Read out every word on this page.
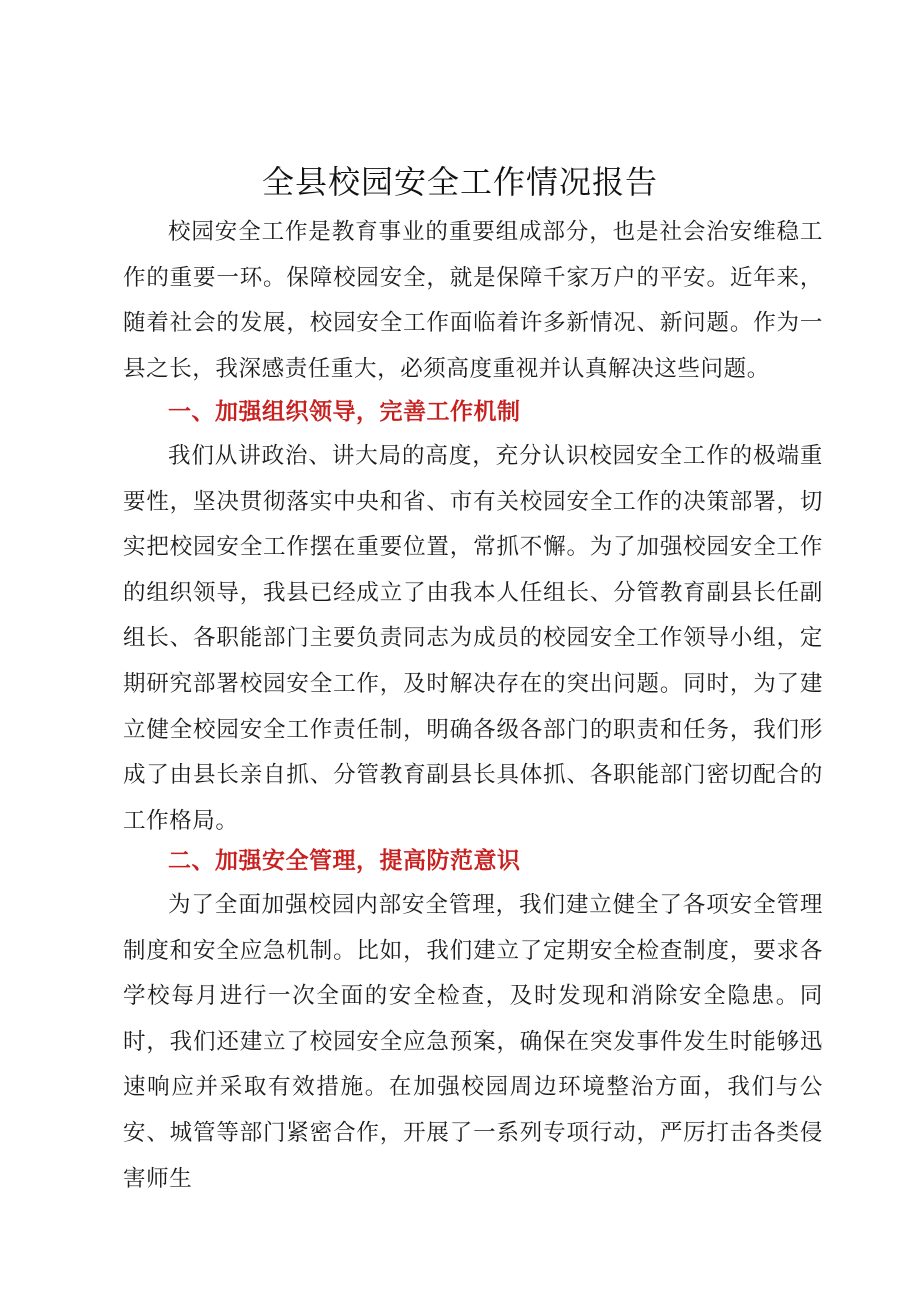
全县校园安全工作情况报告

校园安全工作是教育事业的重要组成部分，也是社会治安维稳工作的重要一环。保障校园安全，就是保障千家万户的平安。近年来，随着社会的发展，校园安全工作面临着许多新情况、新问题。作为一县之长，我深感责任重大，必须高度重视并认真解决这些问题。

一、加强组织领导，完善工作机制

我们从讲政治、讲大局的高度，充分认识校园安全工作的极端重要性，坚决贯彻落实中央和省、市有关校园安全工作的决策部署，切实把校园安全工作摆在重要位置，常抓不懈。为了加强校园安全工作的组织领导，我县已经成立了由我本人任组长、分管教育副县长任副组长、各职能部门主要负责同志为成员的校园安全工作领导小组，定期研究部署校园安全工作，及时解决存在的突出问题。同时，为了建立健全校园安全工作责任制，明确各级各部门的职责和任务，我们形成了由县长亲自抓、分管教育副县长具体抓、各职能部门密切配合的工作格局。

二、加强安全管理，提高防范意识

为了全面加强校园内部安全管理，我们建立健全了各项安全管理制度和安全应急机制。比如，我们建立了定期安全检查制度，要求各学校每月进行一次全面的安全检查，及时发现和消除安全隐患。同时，我们还建立了校园安全应急预案，确保在突发事件发生时能够迅速响应并采取有效措施。在加强校园周边环境整治方面，我们与公安、城管等部门紧密合作，开展了一系列专项行动，严厉打击各类侵害师生
